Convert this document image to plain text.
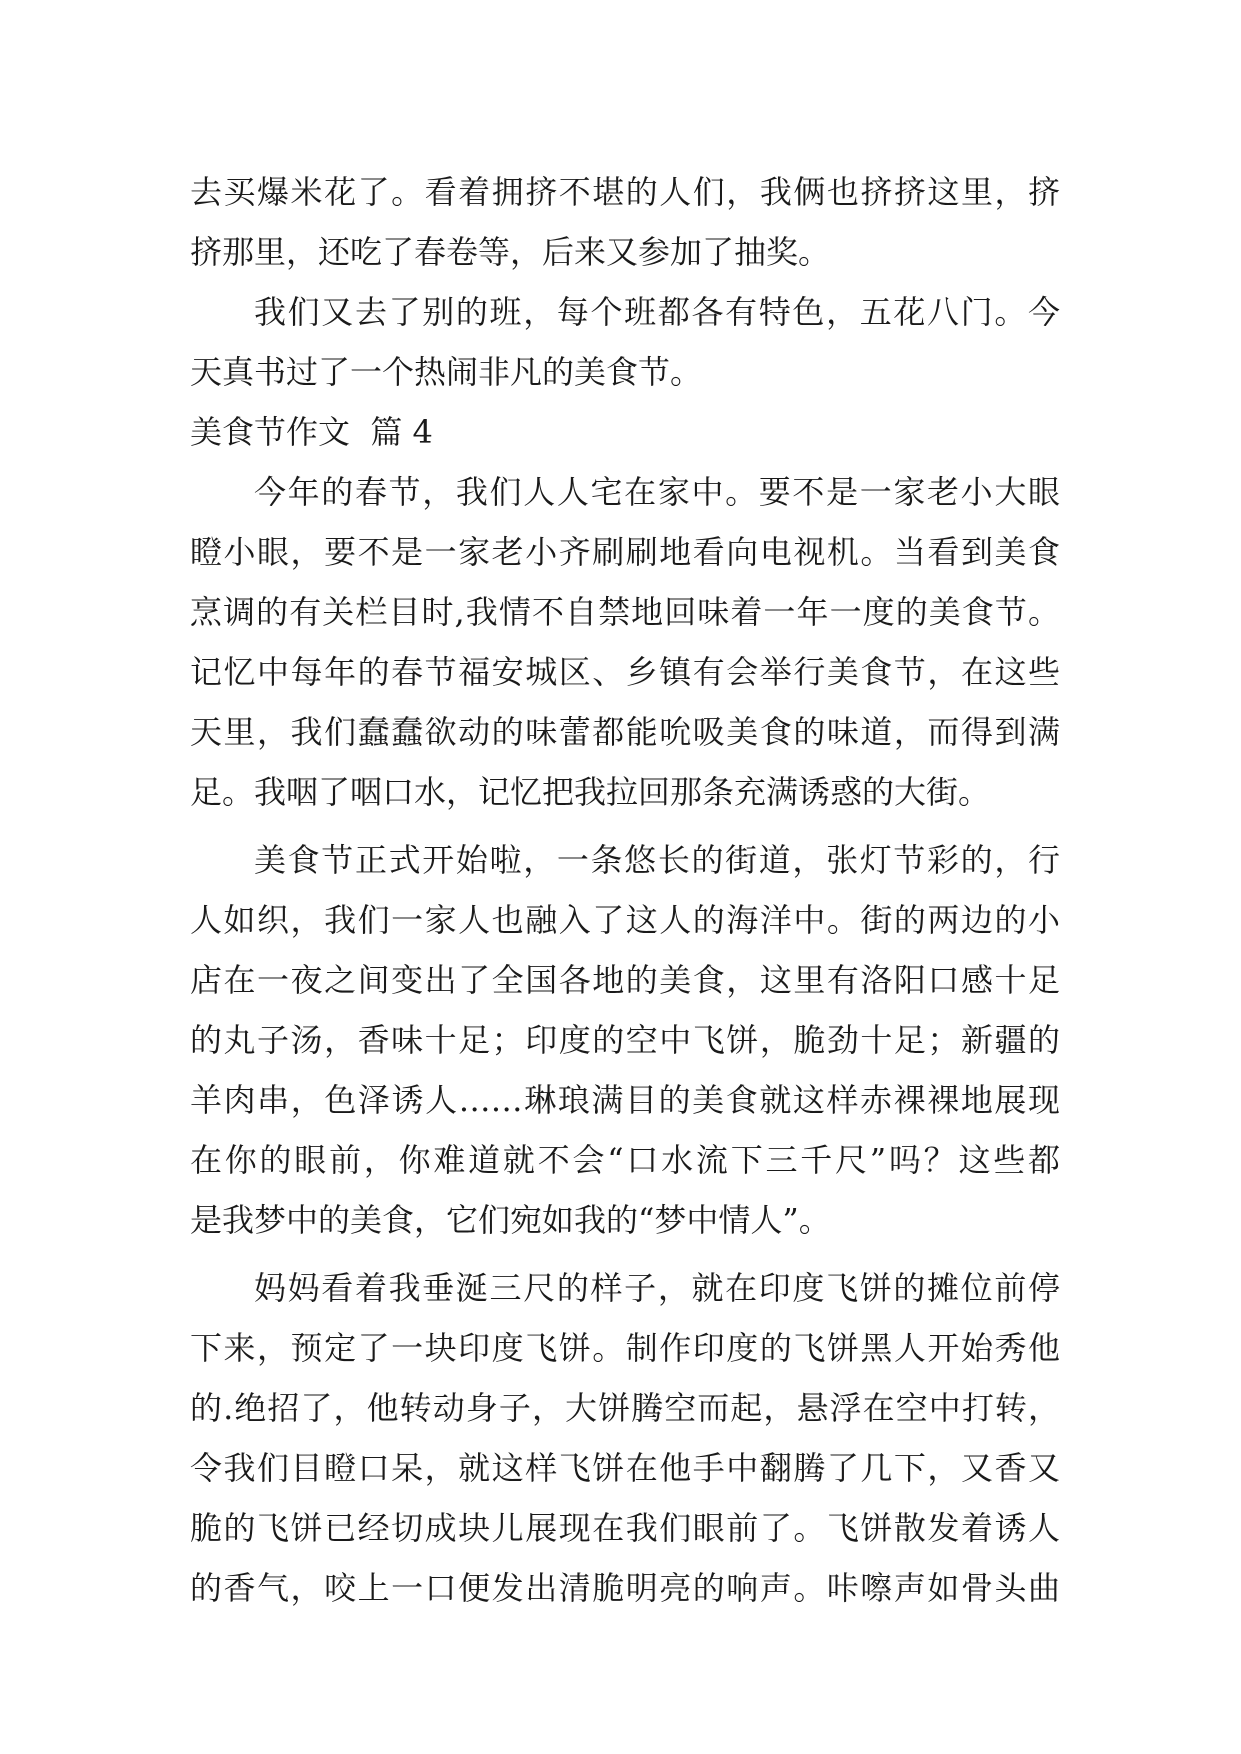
去买爆米花了。看着拥挤不堪的人们，我俩也挤挤这里，挤
挤那里，还吃了春卷等，后来又参加了抽奖。
我们又去了别的班，每个班都各有特色，五花八门。今
天真书过了一个热闹非凡的美食节。
美食节作文  篇 4
今年的春节，我们人人宅在家中。要不是一家老小大眼
瞪小眼，要不是一家老小齐刷刷地看向电视机。当看到美食
烹调的有关栏目时,我情不自禁地回味着一年一度的美食节。
记忆中每年的春节福安城区、乡镇有会举行美食节，在这些
天里，我们蠢蠢欲动的味蕾都能吮吸美食的味道，而得到满
足。我咽了咽口水，记忆把我拉回那条充满诱惑的大街。
美食节正式开始啦，一条悠长的街道，张灯节彩的，行
人如织，我们一家人也融入了这人的海洋中。街的两边的小
店在一夜之间变出了全国各地的美食，这里有洛阳口感十足
的丸子汤，香味十足；印度的空中飞饼，脆劲十足；新疆的
羊肉串，色泽诱人……琳琅满目的美食就这样赤裸裸地展现
在你的眼前，你难道就不会“口水流下三千尺”吗？这些都
是我梦中的美食，它们宛如我的“梦中情人”。
妈妈看着我垂涎三尺的样子，就在印度飞饼的摊位前停
下来，预定了一块印度飞饼。制作印度的飞饼黑人开始秀他
的.绝招了，他转动身子，大饼腾空而起，悬浮在空中打转，
令我们目瞪口呆，就这样飞饼在他手中翻腾了几下，又香又
脆的飞饼已经切成块儿展现在我们眼前了。飞饼散发着诱人
的香气，咬上一口便发出清脆明亮的响声。咔嚓声如骨头曲
